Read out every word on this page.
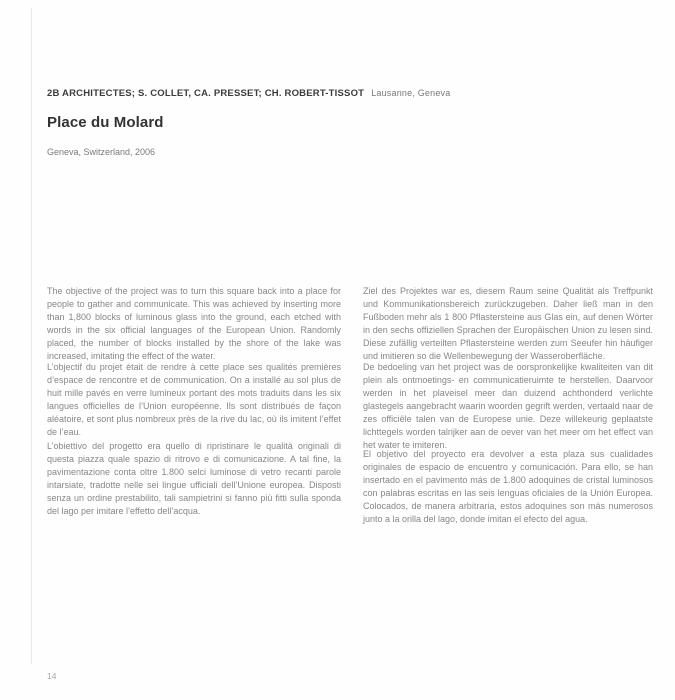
2B ARCHITECTES; S. COLLET, CA. PRESSET; CH. ROBERT-TISSOT Lausanne, Geneva
Place du Molard
Geneva, Switzerland, 2006
The objective of the project was to turn this square back into a place for people to gather and communicate. This was achieved by inserting more than 1,800 blocks of luminous glass into the ground, each etched with words in the six official languages of the European Union. Randomly placed, the number of blocks installed by the shore of the lake was increased, imitating the effect of the water.
L’objectif du projet était de rendre à cette place ses qualités premières d’espace de rencontre et de communication. On a installé au sol plus de huit mille pavés en verre lumineux portant des mots traduits dans les six langues officielles de l’Union européenne. Ils sont distribués de façon aléatoire, et sont plus nombreux près de la rive du lac, où ils imitent l’effet de l’eau.
L’obiettivo del progetto era quello di ripristinare le qualità originali di questa piazza quale spazio di ritrovo e di comunicazione. A tal fine, la pavimentazione conta oltre 1.800 selci luminose di vetro recanti parole intarsiate, tradotte nelle sei lingue ufficiali dell’Unione europea. Disposti senza un ordine prestabilito, tali sampietrini si fanno più fitti sulla sponda del lago per imitare l’effetto dell’acqua.
Ziel des Projektes war es, diesem Raum seine Qualität als Treffpunkt und Kommunikationsbereich zurückzugeben. Daher ließ man in den Fußboden mehr als 1 800 Pflastersteine aus Glas ein, auf denen Wörter in den sechs offiziellen Sprachen der Europäischen Union zu lesen sind. Diese zufällig verteilten Pflastersteine werden zum Seeufer hin häufiger und imitieren so die Wellenbewegung der Wasseroberfläche.
De bedoeling van het project was de oorspronkelijke kwaliteiten van dit plein als ontmoetings- en communicatieruimte te herstellen. Daarvoor werden in het plaveisel meer dan duizend achthonderd verlichte glastegels aangebracht waarin woorden gegrift werden, vertaald naar de zes officiële talen van de Europese unie. Deze willekeurig geplaatste lichttegels worden talrijker aan de oever van het meer om het effect van het water te imiteren.
El objetivo del proyecto era devolver a esta plaza sus cualidades originales de espacio de encuentro y comunicación. Para ello, se han insertado en el pavimento más de 1.800 adoquines de cristal luminosos con palabras escritas en las seis lenguas oficiales de la Unión Europea. Colocados, de manera arbitraria, estos adoquines son más numerosos junto a la orilla del lago, donde imitan el efecto del agua.
14
